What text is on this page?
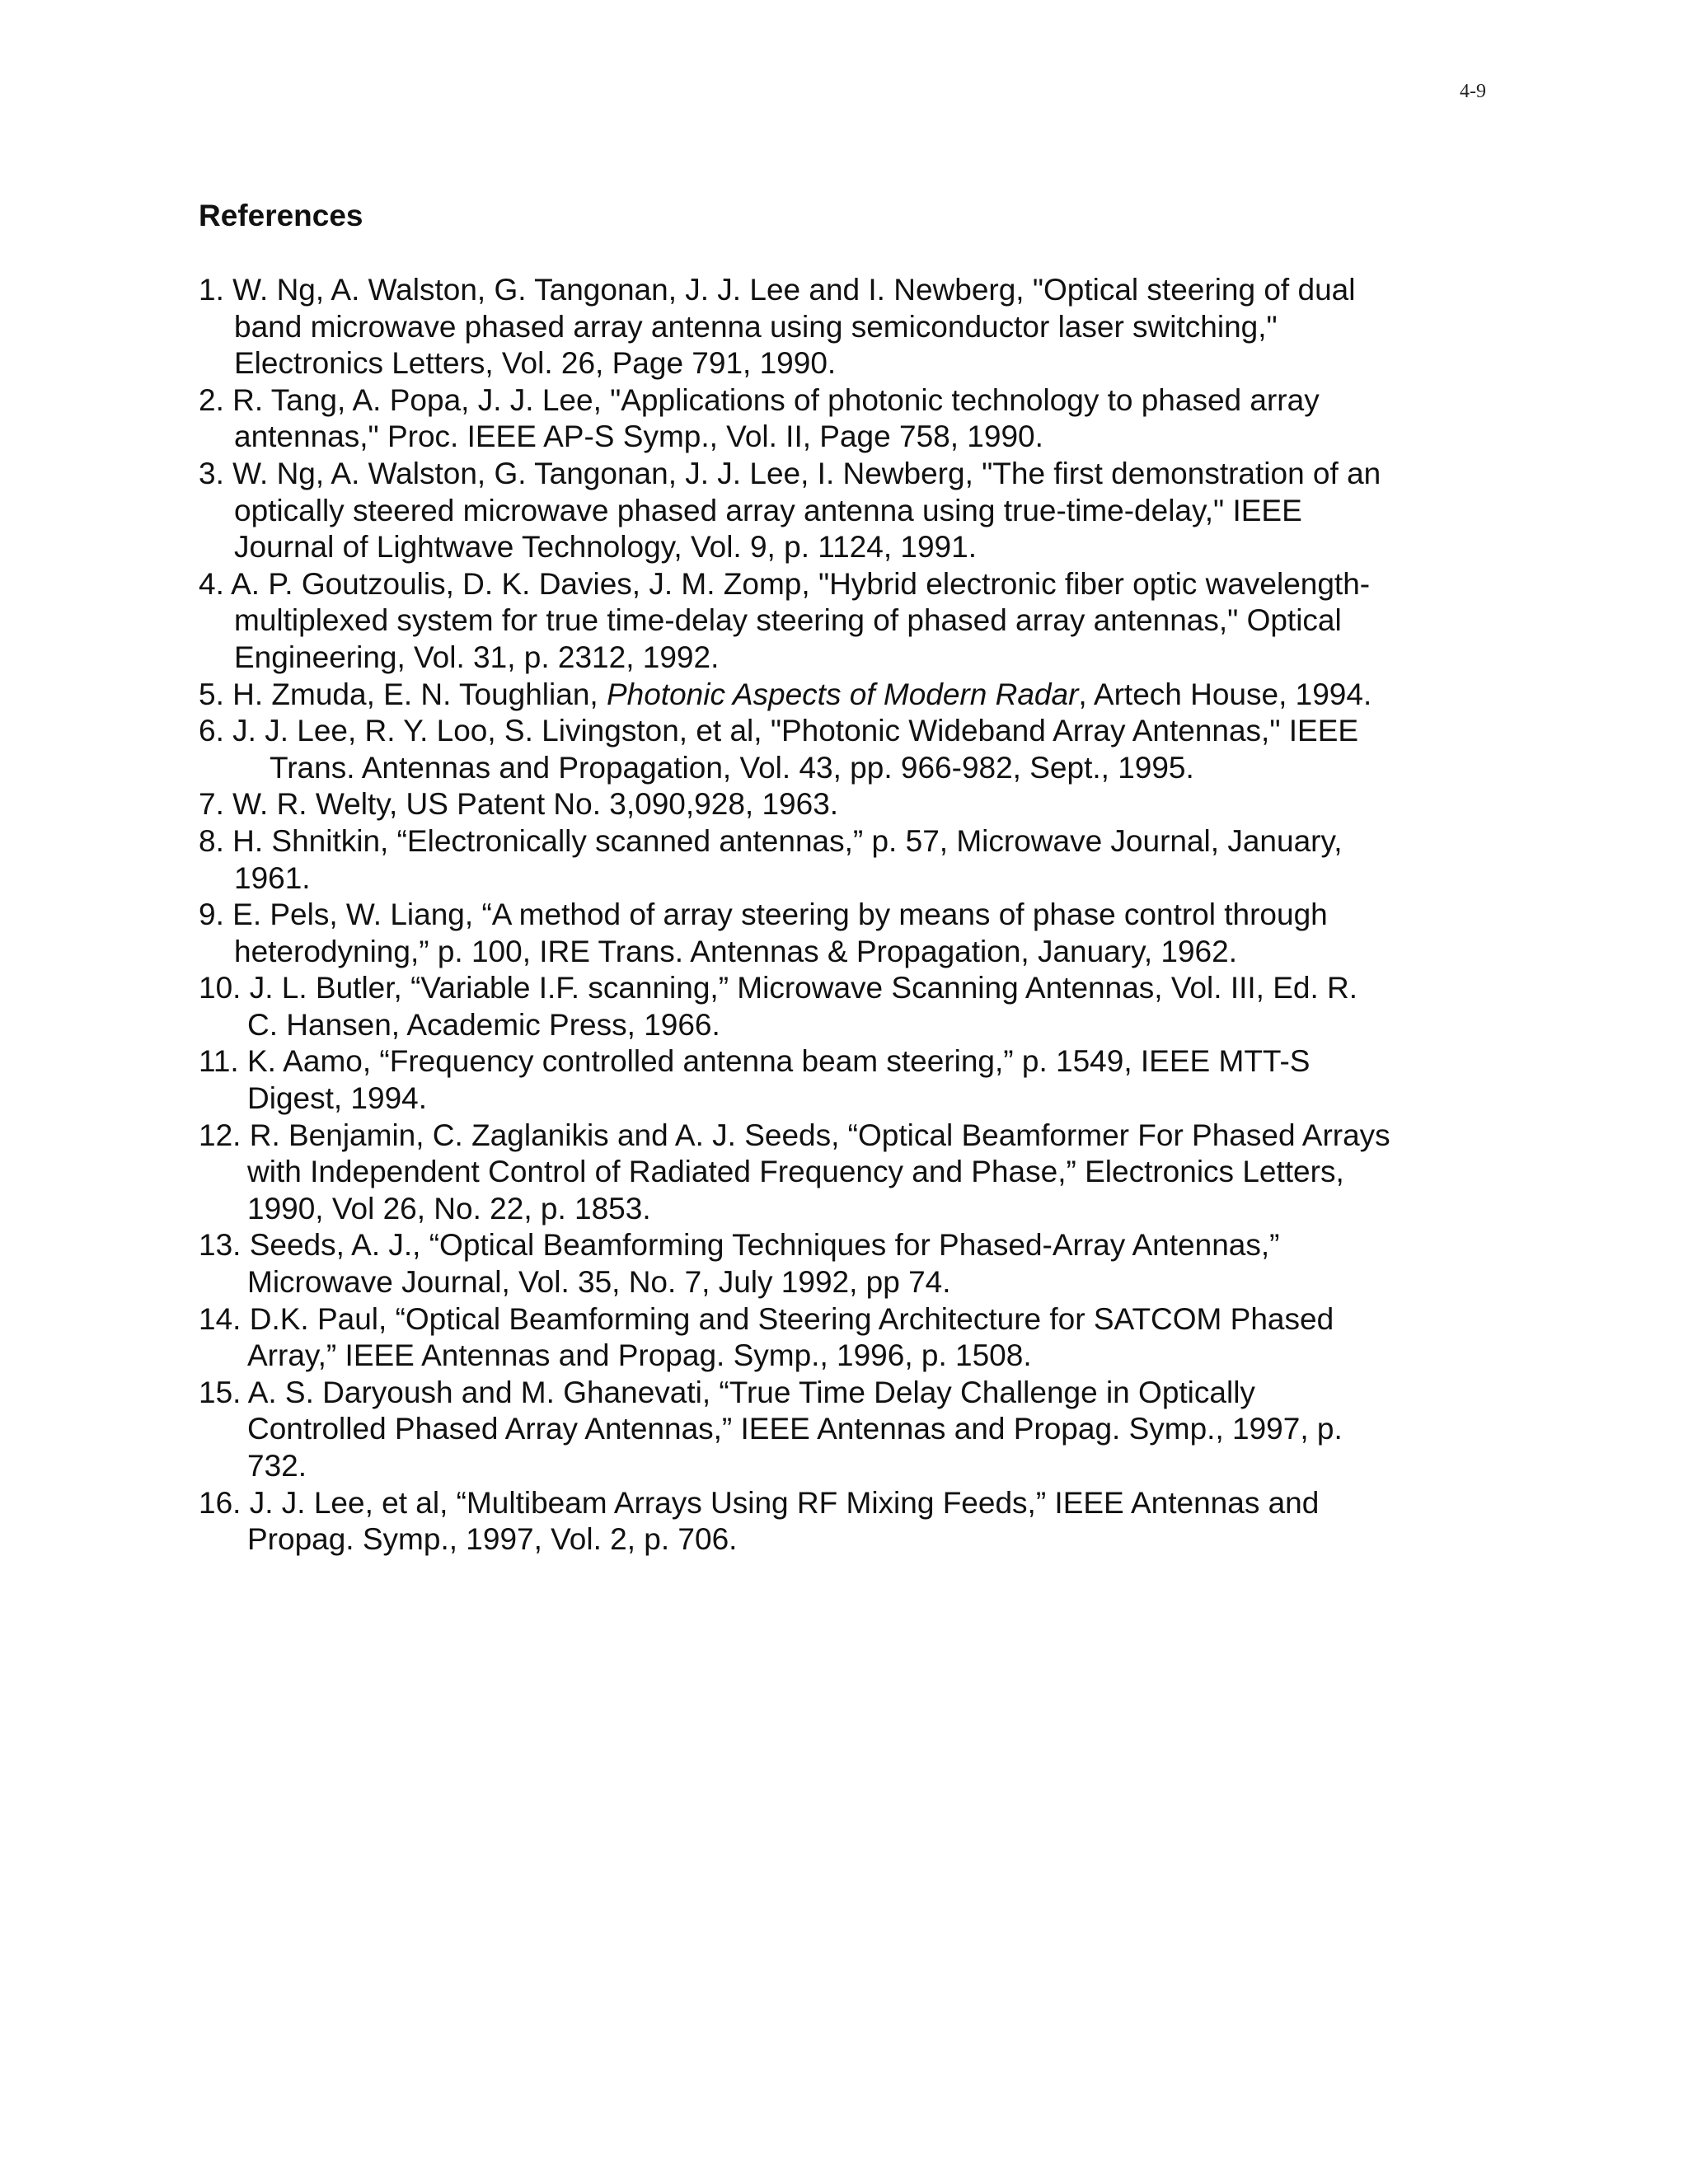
4-9
References
1. W. Ng, A. Walston, G. Tangonan, J. J. Lee and I. Newberg, "Optical steering of dual
band microwave phased array antenna using semiconductor laser switching,"
Electronics Letters, Vol. 26, Page 791, 1990.
2. R. Tang, A. Popa, J. J. Lee, "Applications of photonic technology to phased array
antennas," Proc. IEEE AP-S Symp., Vol. II, Page 758, 1990.
3. W. Ng, A. Walston, G. Tangonan, J. J. Lee, I. Newberg, "The first demonstration of an
optically steered microwave phased array antenna using true-time-delay," IEEE
Journal of Lightwave Technology, Vol. 9, p. 1124, 1991.
4. A. P. Goutzoulis, D. K. Davies, J. M. Zomp, "Hybrid electronic fiber optic wavelength-
multiplexed system for true time-delay steering of phased array antennas," Optical
Engineering, Vol. 31, p. 2312, 1992.
5. H. Zmuda, E. N. Toughlian, Photonic Aspects of Modern Radar, Artech House, 1994.
6. J. J. Lee, R. Y. Loo, S. Livingston, et al, "Photonic Wideband Array Antennas," IEEE
Trans. Antennas and Propagation, Vol. 43, pp. 966-982, Sept., 1995.
7. W. R. Welty, US Patent No. 3,090,928, 1963.
8. H. Shnitkin, “Electronically scanned antennas,” p. 57, Microwave Journal, January,
1961.
9. E. Pels, W. Liang, “A method of array steering by means of phase control through
heterodyning,” p. 100, IRE Trans. Antennas & Propagation, January, 1962.
10. J. L. Butler, “Variable I.F. scanning,” Microwave Scanning Antennas, Vol. III, Ed. R.
C. Hansen, Academic Press, 1966.
11. K. Aamo, “Frequency controlled antenna beam steering,” p. 1549, IEEE MTT-S
Digest, 1994.
12. R. Benjamin, C. Zaglanikis and A. J. Seeds, “Optical Beamformer For Phased Arrays
with Independent Control of Radiated Frequency and Phase,” Electronics Letters,
1990, Vol 26, No. 22, p. 1853.
13. Seeds, A. J., “Optical Beamforming Techniques for Phased-Array Antennas,”
Microwave Journal, Vol. 35, No. 7, July 1992, pp 74.
14. D.K. Paul, “Optical Beamforming and Steering Architecture for SATCOM Phased
Array,” IEEE Antennas and Propag. Symp., 1996, p. 1508.
15. A. S. Daryoush and M. Ghanevati, “True Time Delay Challenge in Optically
Controlled Phased Array Antennas,” IEEE Antennas and Propag. Symp., 1997, p.
732.
16. J. J. Lee, et al, “Multibeam Arrays Using RF Mixing Feeds,” IEEE Antennas and
Propag. Symp., 1997, Vol. 2, p. 706.
